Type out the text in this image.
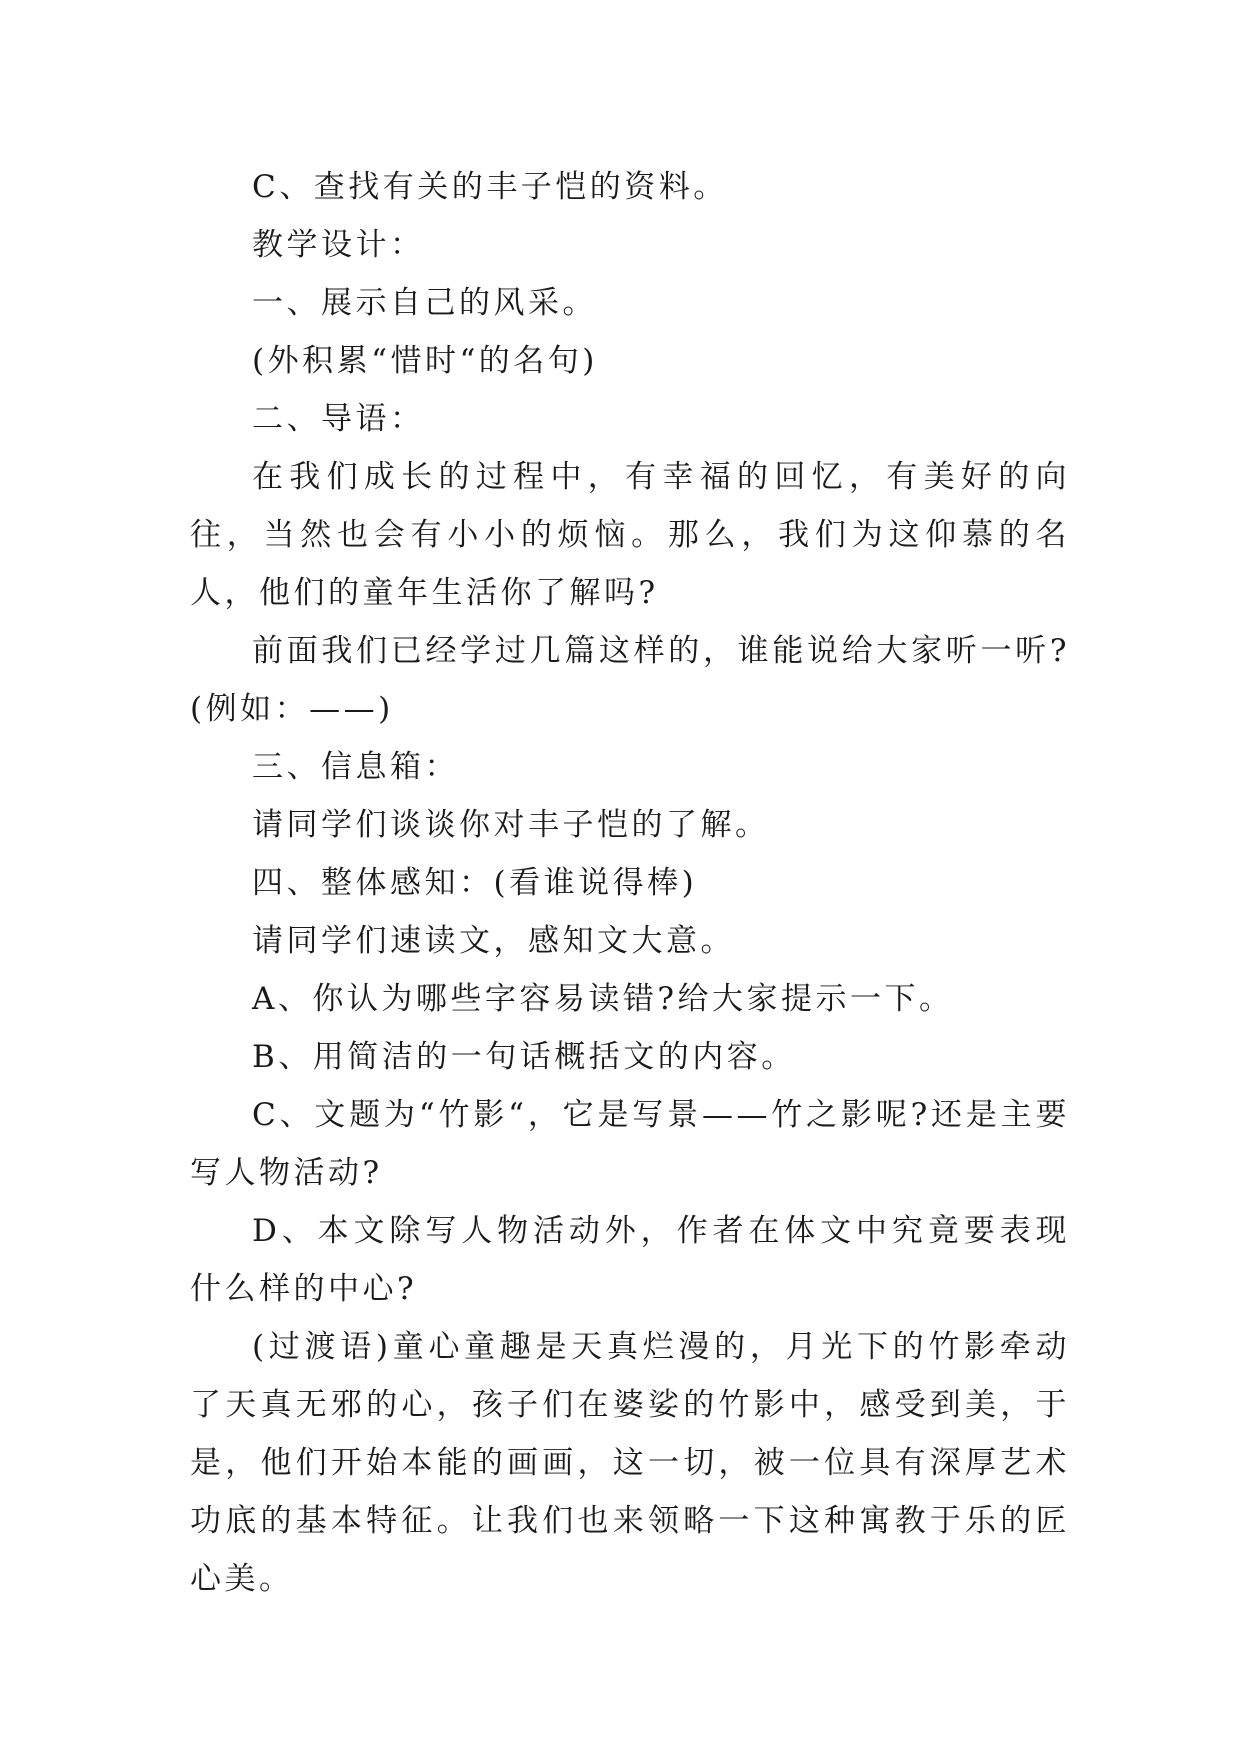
C、查找有关的丰子恺的资料。

教学设计：

一、展示自己的风采。

(外积累“惜时“的名句)

二、导语：

在我们成长的过程中，有幸福的回忆，有美好的向往，当然也会有小小的烦恼。那么，我们为这仰慕的名人，他们的童年生活你了解吗?

前面我们已经学过几篇这样的，谁能说给大家听一听?(例如：——)

三、信息箱：

请同学们谈谈你对丰子恺的了解。

四、整体感知：(看谁说得棒)

请同学们速读文，感知文大意。

A、你认为哪些字容易读错?给大家提示一下。

B、用简洁的一句话概括文的内容。

C、文题为“竹影“，它是写景——竹之影呢?还是主要写人物活动?

D、本文除写人物活动外，作者在体文中究竟要表现什么样的中心?

(过渡语)童心童趣是天真烂漫的，月光下的竹影牵动了天真无邪的心，孩子们在婆娑的竹影中，感受到美，于是，他们开始本能的画画，这一切，被一位具有深厚艺术功底的基本特征。让我们也来领略一下这种寓教于乐的匠心美。
